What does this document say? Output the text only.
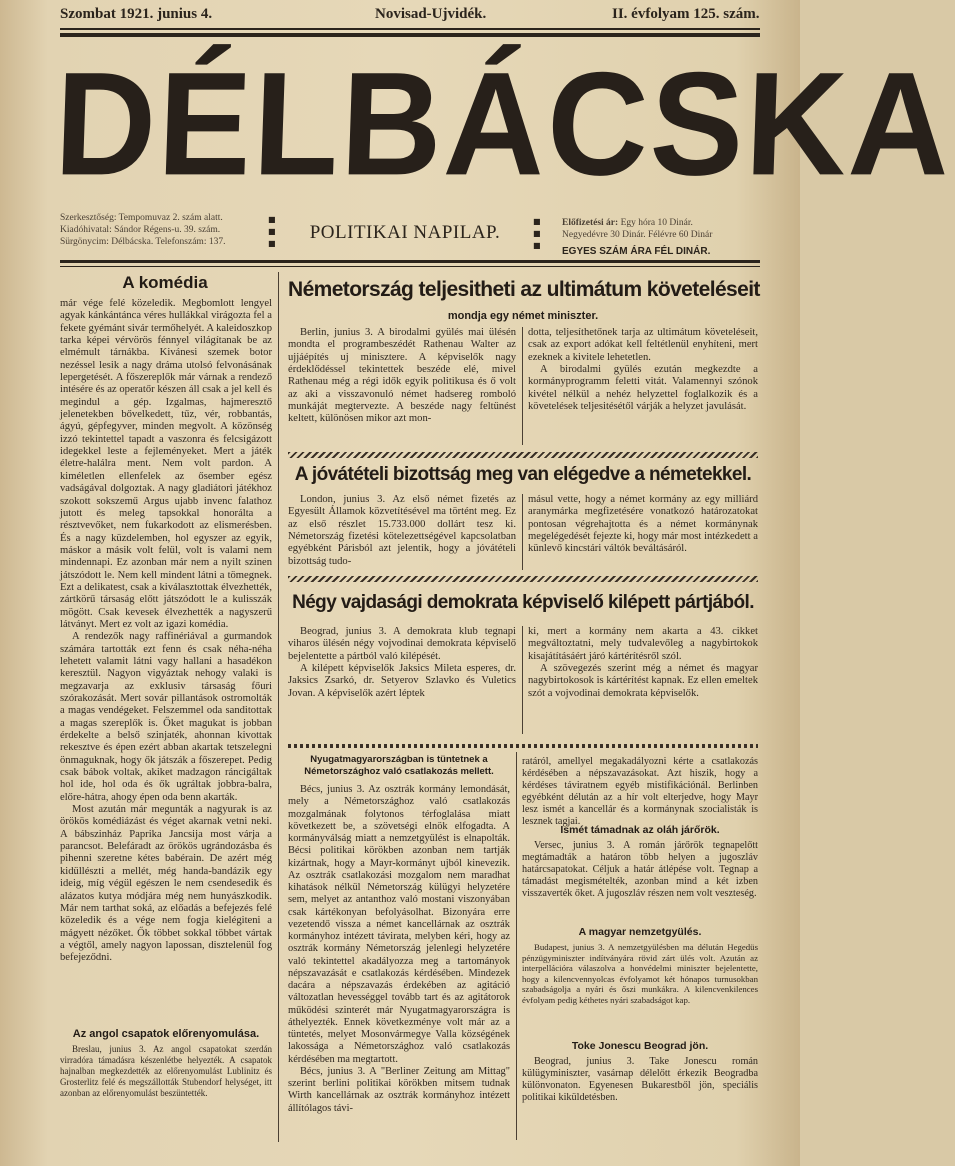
Szombat 1921. junius 4.	Novisad-Ujvidék.	II. évfolyam 125. szám.
DÉLBÁCSKA
Szerkesztőség: Tempomuvaz 2. szám alatt.
Kiadóhivatal: Sándor Régens-u. 39. szám.
Sürgönycim: Délbácska. Telefonszám: 137.
■
■
■
POLITIKAI NAPILAP.
■
■
■
Előfizetési ár: Egy hóra 10 Dinár.
Negyedévre 30 Dinár. Félévre 60 Dinár
EGYES SZÁM ÁRA FÉL DINÁR.
A komédia

már vége felé közeledik. Megbomlott lengyel agyak kánkántánca véres hullákkal virágozta fel a fekete gyémánt sivár termőhelyét. A kaleidoszkop tarka képei vérvörös fénnyel világítanak be az elmémult tárnákba. Kivánesi szemek botor nezéssel lesik a nagy dráma utolsó felvonásának lepergetését. A főszereplők már várnak a rendező intésére és az operatőr készen áll csak a jel kell és megindul a gép. Izgalmas, hajmeresztő jelenetekben bővelkedett, tűz, vér, robbantás, ágyú, gépfegyver, minden megvolt. A közönség izzó tekintettel tapadt a vaszonra és felcsigázott idegekkel leste a fejleményeket. Mert a játék életre-halálra ment. Nem volt pardon. A kiméletlen ellenfelek az ősember egész vadságával dolgoztak. A nagy gladiátori játékhoz szokott sokszemű Argus ujabb invenc falathoz jutott és meleg tapsokkal honorálta a résztvevőket, nem fukarkodott az elismerésben. És a nagy küzdelemben, hol egyszer az egyik, máskor a másik volt felül, volt is valami nem mindennapi. Ez azonban már nem a nyilt szinen játszódott le. Nem kell mindent látni a tömegnek. Ezt a delikatest, csak a kiválasztottak élvezhették, zártkörű társaság előtt játszódott le a kulisszák mögött. Csak kevesek élvezhették a nagyszerű látványt. Mert ez volt az igazi komédia.

A rendezők nagy raffinériával a gurmandok számára tartották ezt fenn és csak néha-néha lehetett valamit látni vagy hallani a hasadékon keresztül. Nagyon vigyáztak nehogy valaki is megzavarja az exklusiv társaság főuri szórakozását. Mert sovár pillantások ostromolták a magas vendégeket. Felszemmel oda sanditottak a magas szereplők is. Őket magukat is jobban érdekelte a belső szinjaték, ahonnan kivottak rekesztve és épen ezért abban akartak tetszelegni önmaguknak, hogy ők játszák a főszerepet. Pedig csak bábok voltak, akiket madzagon ráncigáltak hol ide, hol oda és ők ugráltak jobbra-balra, előre-hátra, ahogy épen oda benn akarták.

Most azután már megunták a nagyurak is az örökös komédiázást és véget akarnak vetni neki. A bábszinház Paprika Jancsija most várja a parancsot. Belefáradt az örökös ugrándozásba és pihenni szeretne kétes babérain. De azért még kidüllészti a mellét, még handa-bandázik egy ideig, míg végül egészen le nem csendesedik és alázatos kutya módjára még nem hunyászkodik. Már nem tarthat soká, az előadás a befejezés felé közeledik és a vége nem fogja kielégiteni a mágyett nézőket. Ők többet sokkal többet vártak a végtől, amely nagyon lapossan, disztelenül fog befejeződni.

Az angol csapatok előrenyomulása.

Breslau, junius 3. Az angol csapatokat szerdán virradóra támadásra készenlétbe helyezték. A csapatok hajnalban megkezdették az előrenyomulást Lublinitz és Grosterlitz felé és megszállották Stubendorf helységet, itt azonban az előrenyomulást beszüntették.

Németország teljesitheti az ultimátum követeléseit
mondja egy német miniszter.

Berlin, junius 3. A birodalmi gyülés mai ülésén mondta el programbeszédét Rathenau Walter az ujjáépítés uj minisztere. A képviselők nagy érdeklődéssel tekintettek beszéde elé, mivel Rathenau még a régi idők egyik politikusa és ő volt az aki a visszavonuló német hadsereg romboló munkáját megtervezte. A beszéde nagy feltünést keltett, különösen mikor azt mon-

dotta, teljesíthetőnek tarja az ultimátum követeléseit, csak az export adókat kell feltétlenül enyhíteni, mert ezeknek a kivitele lehetetlen.

A birodalmi gyülés ezután megkezdte a kormányprogramm feletti vitát. Valamennyi szónok kivétel nélkül a nehéz helyzettel foglalkozik és a követelések teljesitésétől várják a helyzet javulását.

A jóvátételi bizottság meg van elégedve a németekkel.

London, junius 3. Az első német fizetés az Egyesült Államok közvetítésével ma történt meg. Ez az első részlet 15.733.000 dollárt tesz ki. Németország fizetési kötelezettségével kapcsolatban egyébként Párisból azt jelentik, hogy a jóvátételi bizottság tudo-

másul vette, hogy a német kormány az egy milliárd aranymárka megfizetésére vonatkozó határozatokat pontosan végrehajtotta és a német kormánynak megelégedését fejezte ki, hogy már most intézkedett a künlevő kincstári váltók beváltásáról.

Négy vajdasági demokrata képviselő kilépett pártjából.

Beograd, junius 3. A demokrata klub tegnapi viharos ülésén négy vojvodinai demokrata képviselő bejelentette a pártból való kilépését.

A kilépett képviselők Jaksics Mileta esperes, dr. Jaksics Zsarkó, dr. Setyerov Szlavko és Vuletics Jovan. A képviselők azért léptek

ki, mert a kormány nem akarta a 43. cikket megváltoztatni, mely tudvalevőleg a nagybirtokok kisajátításáért járó kártérítésről szól.

A szövegezés szerint még a német és magyar nagybirtokosok is kártérítést kapnak. Ez ellen emeltek szót a vojvodinai demokrata képviselők.

Nyugatmagyarországban is tüntetnek a Németországhoz való csatlakozás mellett.

Bécs, junius 3. Az osztrák kormány lemondását, mely a Németországhoz való csatlakozás mozgalmának folytonos térfoglalása miatt következett be, a szövetségi elnök elfogadta. A kormányválság miatt a nemzetgyülést is elnapolták. Bécsi politikai körökben azonban nem tartják kizártnak, hogy a Mayr-kormányt ujból kinevezik. Az osztrák csatlakozási mozgalom nem maradhat kihatások nélkül Németország külügyi helyzetére sem, melyet az antanthoz való mostani viszonyában csak kártékonyan befolyásolhat. Bizonyára erre vezetendő vissza a német kancellárnak az osztrák kormányhoz intézett távirata, melyben kéri, hogy az osztrák kormány Németország jelenlegi helyzetére való tekintettel akadályozza meg a tartományok népszavazását e csatlakozás kérdésében. Mindezek dacára a népszavazás érdekében az agitáció változatlan hevességgel tovább tart és az agitátorok működési szinterét már Nyugatmagyarországra is áthelyezték. Ennek következménye volt már az a tüntetés, melyet Mosonvármegye Valla községének lakossága a Németországhoz való csatlakozás kérdésében ma megtartott.

Bécs, junius 3. A "Berliner Zeitung am Mittag" szerint berlini politikai körökben mitsem tudnak Wirth kancellárnak az osztrák kormányhoz intézett állítólagos távi-

ratáról, amellyel megakadályozni kérte a csatlakozás kérdésében a népszavazásokat. Azt hiszik, hogy a kérdéses táviratnem egyéb mistifikációnál. Berlinben egyébként délután az a hír volt elterjedve, hogy Mayr lesz ismét a kancellár és a kormánynak szocialisták is lesznek tagjai.

Ismét támadnak az oláh járőrök.

Versec, junius 3. A román járőrök tegnapelőtt megtámadták a határon több helyen a jugoszláv határcsapatokat. Céljuk a határ átlépése volt. Tegnap a támadást megismételték, azonban mind a két izben visszaverték őket. A jugoszláv részen nem volt veszteség.

A magyar nemzetgyülés.

Budapest, junius 3. A nemzetgyülésben ma délután Hegedüs pénzügyminiszter indítványára rövid zárt ülés volt. Azután az interpellációra válaszolva a honvédelmi miniszter bejelentette, hogy a kilencvennyolcas évfolyamot két hónapos turnusokban szabadságolja a nyári és őszi munkákra. A kilencvenkilences évfolyam pedig kéthetes nyári szabadságot kap.

Toke Jonescu Beograd jön.

Beograd, junius 3. Take Jonescu román külügyminiszter, vasárnap délelőtt érkezik Beogradba különvonaton. Egyenesen Bukarestből jön, speciális politikai kiküldetésben.
